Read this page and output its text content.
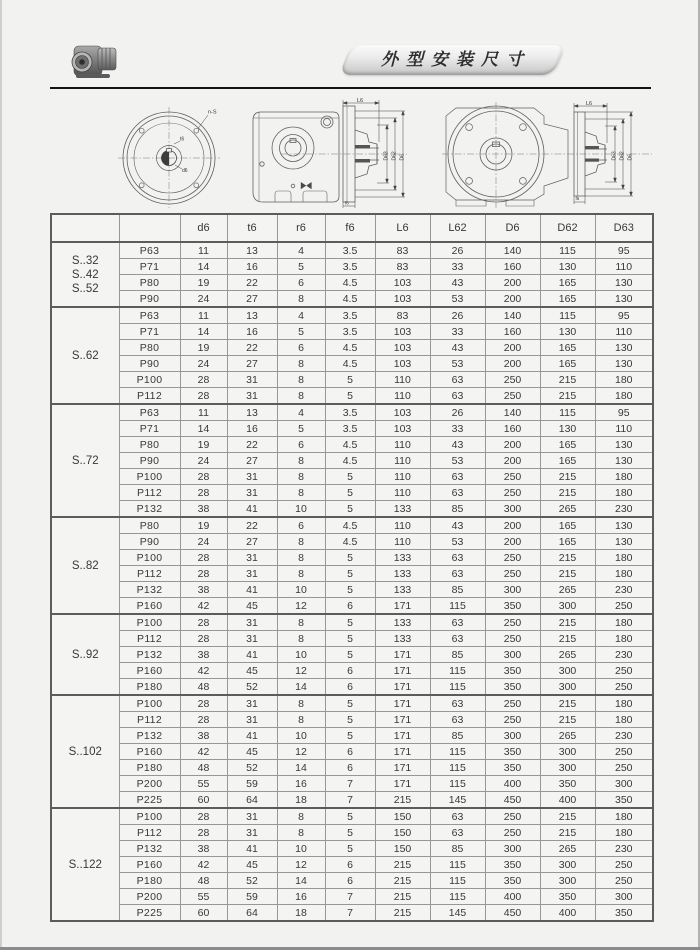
外型安装尺寸
t6
d6
n-S
L6
D63 D62 D6
f6
L6
D63 D62 D6
f6
		d6	t6	r6	f6	L6	L62	D6	D62	D63

S..32
S..42
S..52	P63	11	13	4	3.5	83	26	140	115	95
	P71	14	16	5	3.5	83	33	160	130	110
	P80	19	22	6	4.5	103	43	200	165	130
	P90	24	27	8	4.5	103	53	200	165	130

S..62	P63	11	13	4	3.5	83	26	140	115	95
	P71	14	16	5	3.5	103	33	160	130	110
	P80	19	22	6	4.5	103	43	200	165	130
	P90	24	27	8	4.5	103	53	200	165	130
	P100	28	31	8	5	110	63	250	215	180
	P112	28	31	8	5	110	63	250	215	180

S..72	P63	11	13	4	3.5	103	26	140	115	95
	P71	14	16	5	3.5	103	33	160	130	110
	P80	19	22	6	4.5	110	43	200	165	130
	P90	24	27	8	4.5	110	53	200	165	130
	P100	28	31	8	5	110	63	250	215	180
	P112	28	31	8	5	110	63	250	215	180
	P132	38	41	10	5	133	85	300	265	230

S..82	P80	19	22	6	4.5	110	43	200	165	130
	P90	24	27	8	4.5	110	53	200	165	130
	P100	28	31	8	5	133	63	250	215	180
	P112	28	31	8	5	133	63	250	215	180
	P132	38	41	10	5	133	85	300	265	230
	P160	42	45	12	6	171	115	350	300	250

S..92	P100	28	31	8	5	133	63	250	215	180
	P112	28	31	8	5	133	63	250	215	180
	P132	38	41	10	5	171	85	300	265	230
	P160	42	45	12	6	171	115	350	300	250
	P180	48	52	14	6	171	115	350	300	250

S..102	P100	28	31	8	5	171	63	250	215	180
	P112	28	31	8	5	171	63	250	215	180
	P132	38	41	10	5	171	85	300	265	230
	P160	42	45	12	6	171	115	350	300	250
	P180	48	52	14	6	171	115	350	300	250
	P200	55	59	16	7	171	115	400	350	300
	P225	60	64	18	7	215	145	450	400	350

S..122	P100	28	31	8	5	150	63	250	215	180
	P112	28	31	8	5	150	63	250	215	180
	P132	38	41	10	5	150	85	300	265	230
	P160	42	45	12	6	215	115	350	300	250
	P180	48	52	14	6	215	115	350	300	250
	P200	55	59	16	7	215	115	400	350	300
	P225	60	64	18	7	215	145	450	400	350
